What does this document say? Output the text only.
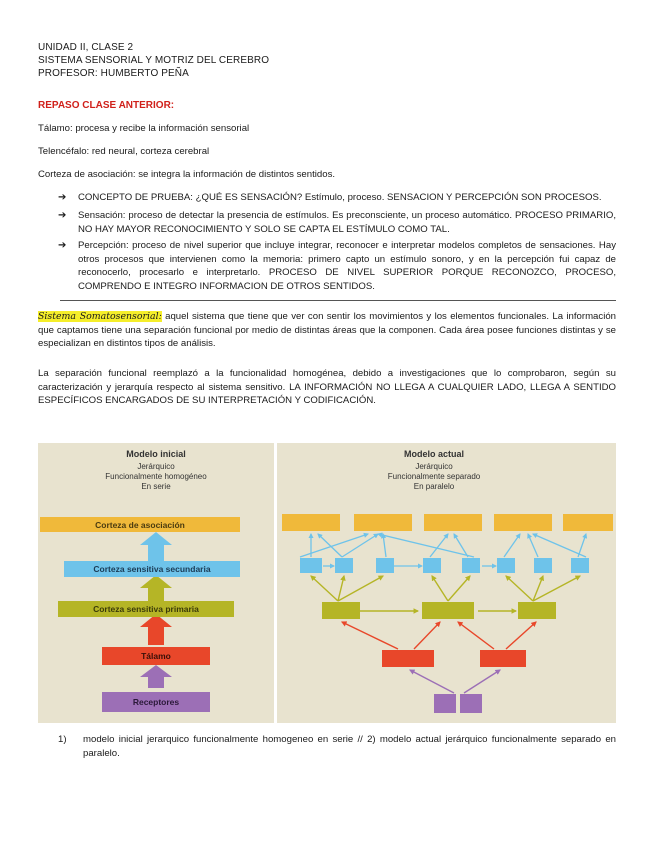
UNIDAD II, CLASE 2
SISTEMA SENSORIAL Y MOTRIZ DEL CEREBRO
PROFESOR: HUMBERTO PEÑA
REPASO CLASE ANTERIOR:
Tálamo: procesa y recibe la información sensorial
Telencéfalo: red neural, corteza cerebral
Corteza de asociación: se integra la información de distintos sentidos.
➔ CONCEPTO DE PRUEBA: ¿QUÉ ES SENSACIÓN? Estímulo, proceso. SENSACION Y PERCEPCIÓN SON PROCESOS.
➔ Sensación: proceso de detectar la presencia de estímulos. Es preconsciente, un proceso automático. PROCESO PRIMARIO, NO HAY MAYOR RECONOCIMIENTO Y SOLO SE CAPTA EL ESTÍMULO COMO TAL.
➔ Percepción: proceso de nivel superior que incluye integrar, reconocer e interpretar modelos completos de sensaciones. Hay otros procesos que intervienen como la memoria: primero capto un estímulo sonoro, y en la percepción fui capaz de reconocerlo, procesarlo e interpretarlo. PROCESO DE NIVEL SUPERIOR PORQUE RECONOZCO, PROCESO, COMPRENDO E INTEGRO INFORMACION DE OTROS SENTIDOS.
Sistema Somatosensorial: aquel sistema que tiene que ver con sentir los movimientos y los elementos funcionales. La información que captamos tiene una separación funcional por medio de distintas áreas que la componen. Cada área posee funciones distintas y se especializan en distintos tipos de análisis.
La separación funcional reemplazó a la funcionalidad homogénea, debido a investigaciones que lo comprobaron, según su caracterización y jerarquía respecto al sistema sensitivo. LA INFORMACIÓN NO LLEGA A CUALQUIER LADO, LLEGA A SENTIDO ESPECÍFICOS ENCARGADOS DE SU INTERPRETACIÓN Y CODIFICACIÓN.
Modelo inicial
Jerárquico
Funcionalmente homogéneo
En serie
Corteza de asociación
Corteza sensitiva secundaria
Corteza sensitiva primaria
Tálamo
Receptores
Modelo actual
Jerárquico
Funcionalmente separado
En paralelo
1) modelo inicial jerarquico funcionalmente homogeneo en serie // 2) modelo actual jerárquico funcionalmente separado en paralelo.
